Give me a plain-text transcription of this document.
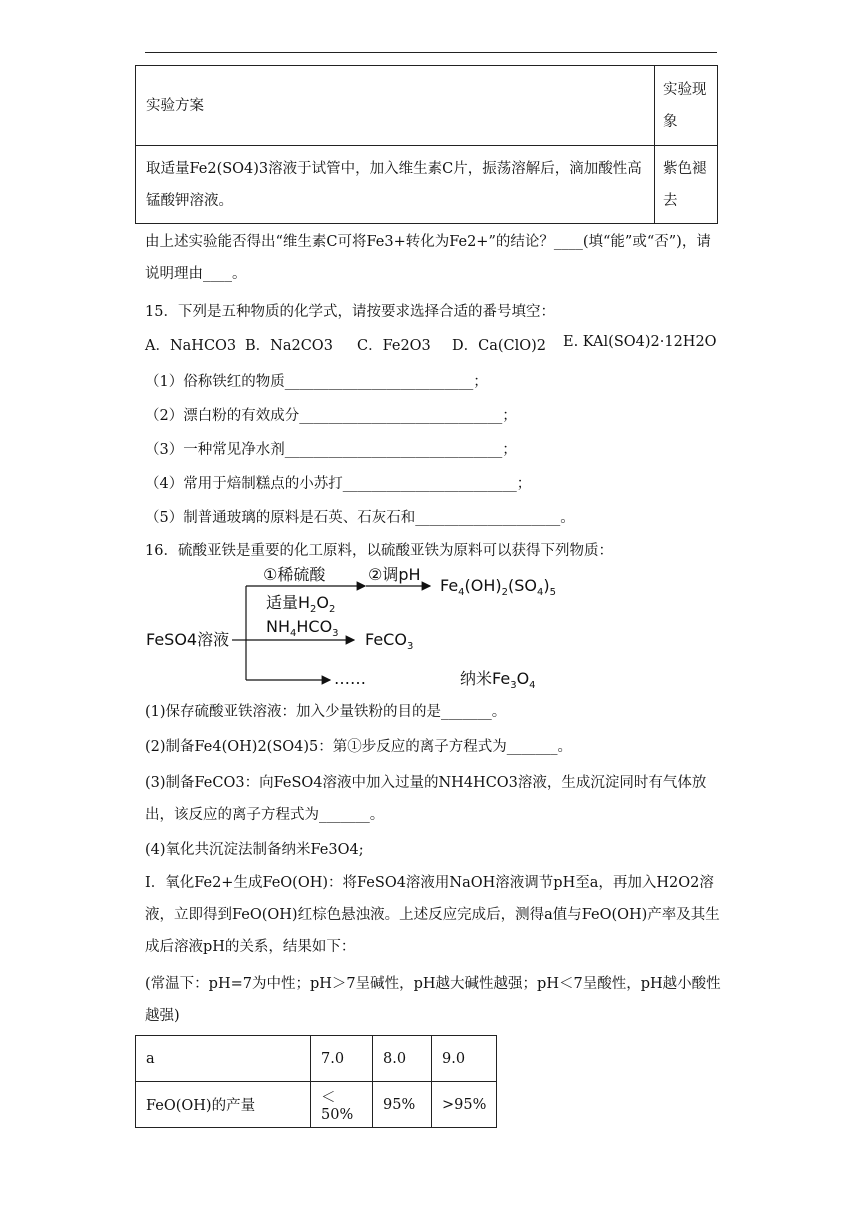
实验方案	实验现象
取适量Fe2(SO4)3溶液于试管中，加入维生素C片，振荡溶解后，滴加酸性高锰酸钾溶液。	紫色褪去
由上述实验能否得出“维生素C可将Fe3+转化为Fe2+”的结论？____(填“能”或“否”)，请说明理由____。
15．下列是五种物质的化学式，请按要求选择合适的番号填空：
A．NaHCO3 B．Na2CO3 C．Fe2O3 D．Ca(ClO)2 E. KAl(SO4)2·12H2O
（1）俗称铁红的物质__________________________；
（2）漂白粉的有效成分____________________________；
（3）一种常见净水剂______________________________；
（4）常用于焙制糕点的小苏打________________________；
（5）制普通玻璃的原料是石英、石灰石和____________________。
16．硫酸亚铁是重要的化工原料，以硫酸亚铁为原料可以获得下列物质：
FeSO4溶液
①稀硫酸
适量$H_2O_2$
②调pH
$Fe_4(OH)_2(SO_4)_5$
$NH_4HCO_3$ FeCO$_3$
……	纳米$Fe_3O_4$
(1)保存硫酸亚铁溶液：加入少量铁粉的目的是_______。
(2)制备Fe4(OH)2(SO4)5：第①步反应的离子方程式为_______。
(3)制备FeCO3：向FeSO4溶液中加入过量的NH4HCO3溶液，生成沉淀同时有气体放出，该反应的离子方程式为_______。
(4)氧化共沉淀法制备纳米Fe3O4;
I．氧化Fe2+生成FeO(OH)：将FeSO4溶液用NaOH溶液调节pH至a，再加入H2O2溶液，立即得到FeO(OH)红棕色悬浊液。上述反应完成后，测得a值与FeO(OH)产率及其生成后溶液pH的关系，结果如下：
(常温下：pH=7为中性；pH＞7呈碱性，pH越大碱性越强；pH＜7呈酸性，pH越小酸性越强)
a	7.0	8.0	9.0
FeO(OH)的产量	＜50%	95%	>95%
